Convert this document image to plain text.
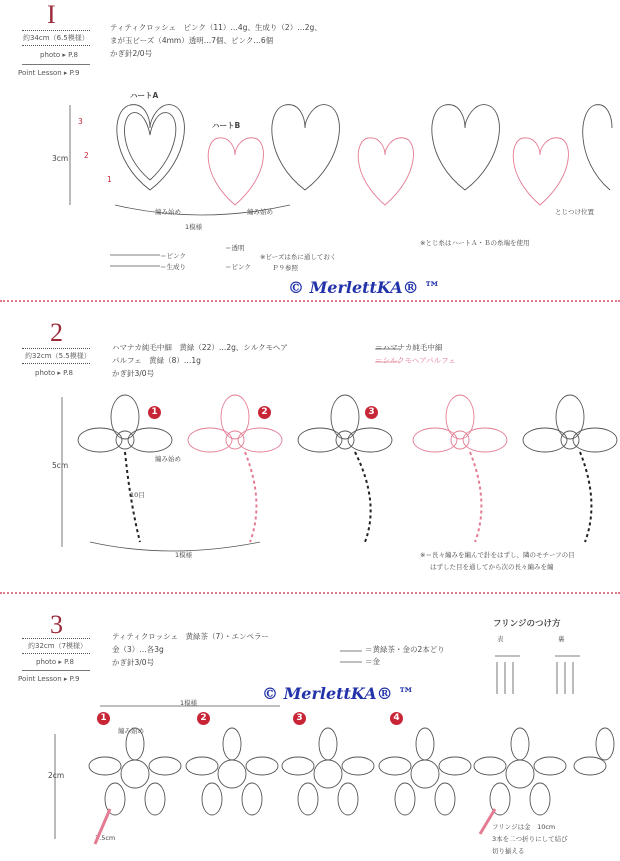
I
約34cm（6.5模様）
photo ▸ P.8
Point Lesson ▸ P.9
ティティクロッシェ　ピンク（11）…4g、生成り（2）…2g、
まが玉ビーズ（4mm）透明…7個、ピンク…6個
かぎ針2/0号
ハートA
ハートB
3cm
3
2
1
編み始め	編み始め
1模様
とじつけ位置
※とじ糸はハートＡ・Ｂの糸端を使用
＝ピンク
＝生成り
＝透明
＝ピンク
※ビーズは糸に通しておく
Ｐ９参照
© MerlettKA® ™
2
約32cm（5.5模様）
photo ▸ P.8
ハマナカ純毛中細　黄緑（22）…2g、シルクモヘア
パルフェ　黄緑（8）…1g
かぎ針3/0号
＝ハマナカ純毛中細
＝シルクモヘアパルフェ
5cm
1	2	3
編み始め
10目
1模様	※＝長々編みを編んで針をはずし、隣のモチーフの目
はずした目を通してから次の長々編みを編
3
約32cm（7模様）
photo ▸ P.8
Point Lesson ▸ P.9
ティティクロッシェ　黄緑茶（7）・エンペラー
金（3）…各3g
かぎ針3/0号
＝黄緑茶・金の2本どり
＝金
フリンジのつけ方
表	裏
© MerlettKA® ™
1模様
1	2	3	4
編み始め
2cm
3.5cm
フリンジは金　10cm
3本を二つ折りにして結び
切り揃える
